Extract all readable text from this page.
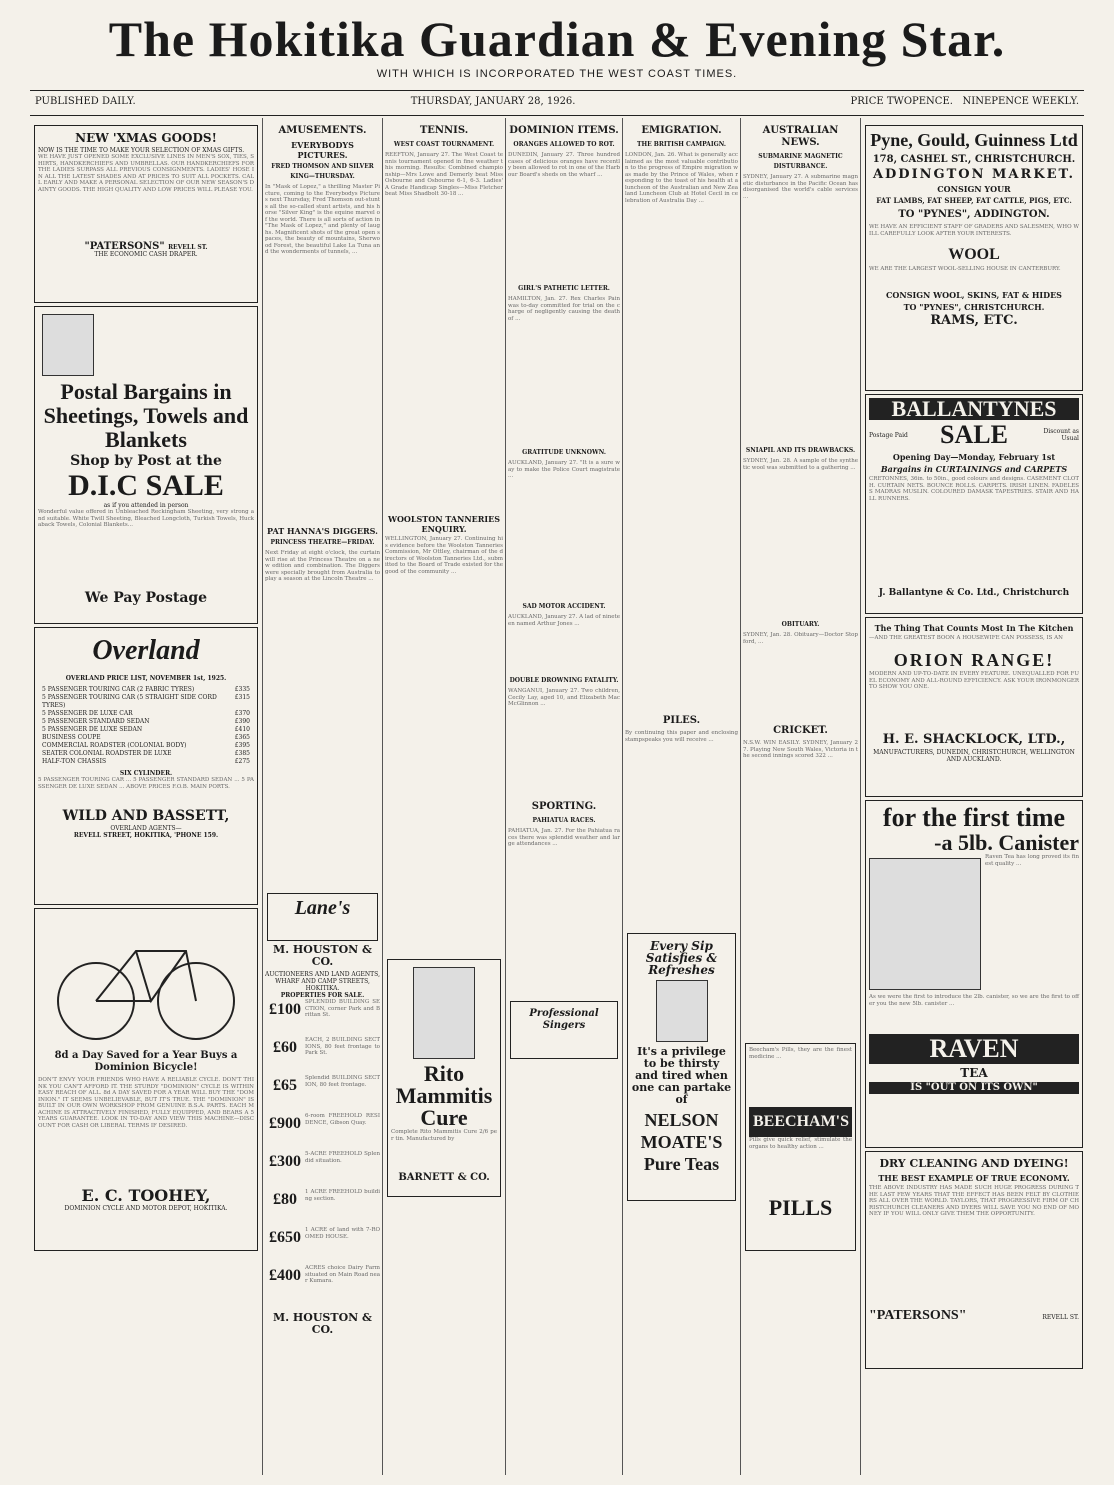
The Hokitika Guardian & Evening Star.
WITH WHICH IS INCORPORATED THE WEST COAST TIMES.
PUBLISHED DAILY.	THURSDAY, JANUARY 28, 1926.	PRICE TWOPENCE. NINEPENCE WEEKLY.
NEW 'XMAS GOODS!
NOW IS THE TIME TO MAKE YOUR SELECTION OF XMAS GIFTS.
WE HAVE JUST OPENED SOME EXCLUSIVE LINES IN MEN'S SOX, TIES, SHIRTS, HANDKERCHIEFS AND UMBRELLAS. OUR HANDKERCHIEFS FOR THE LADIES SURPASS ALL PREVIOUS CONSIGNMENTS. LADIES' HOSE IN ALL THE LATEST SHADES AND AT PRICES TO SUIT ALL POCKETS. CALL EARLY AND MAKE A PERSONAL SELECTION OF OUR NEW SEASON'S DAINTY GOODS. THE HIGH QUALITY AND LOW PRICES WILL PLEASE YOU.
"PATERSONS" REVELL ST.
THE ECONOMIC CASH DRAPER.
Postal Bargains in Sheetings, Towels and Blankets
Shop by Post at the
D.I.C SALE
as if you attended in person
Wonderful value offered in Unbleached Reckingham Sheeting, very strong and suitable. White Twill Sheeting, Bleached Longcloth, Turkish Towels, Huckaback Towels, Colonial Blankets...
We Pay Postage
Overland
OVERLAND PRICE LIST, NOVEMBER 1st, 1925.
5 PASSENGER TOURING CAR (2 FABRIC TYRES)	£335
5 PASSENGER TOURING CAR (5 STRAIGHT SIDE CORD TYRES)
£315
5 PASSENGER DE LUXE CAR	£370
5 PASSENGER STANDARD SEDAN	£390
5 PASSENGER DE LUXE SEDAN	£410
BUSINESS COUPE	£365
COMMERCIAL ROADSTER (COLONIAL BODY)	£395
SEATER COLONIAL ROADSTER DE LUXE	£385
HALF-TON CHASSIS	£275
SIX CYLINDER.
5 PASSENGER TOURING CAR ... 5 PASSENGER STANDARD SEDAN ... 5 PASSENGER DE LUXE SEDAN ... ABOVE PRICES F.O.B. MAIN PORTS.
WILD AND BASSETT,
OVERLAND AGENTS—
REVELL STREET, HOKITIKA, 'PHONE 159.
8d a Day Saved for a Year Buys a Dominion Bicycle!
DON'T ENVY YOUR FRIENDS WHO HAVE A RELIABLE CYCLE. DON'T THINK YOU CAN'T AFFORD IT. THE STURDY "DOMINION" CYCLE IS WITHIN EASY REACH OF ALL. 8d A DAY SAVED FOR A YEAR WILL BUY THE "DOMINION." IT SEEMS UNBELIEVABLE, BUT IT'S TRUE. THE "DOMINION" IS BUILT IN OUR OWN WORKSHOP FROM GENUINE B.S.A. PARTS. EACH MACHINE IS ATTRACTIVELY FINISHED, FULLY EQUIPPED, AND BEARS A 5 YEARS GUARANTEE. LOOK IN TO-DAY AND VIEW THIS MACHINE—DISCOUNT FOR CASH OR LIBERAL TERMS IF DESIRED.
E. C. TOOHEY,
DOMINION CYCLE AND MOTOR DEPOT, HOKITIKA.
AMUSEMENTS.
EVERYBODYS PICTURES.
FRED THOMSON AND SILVER KING—THURSDAY.
In "Mask of Lopez," a thrilling Master Picture, coming to the Everybodys Pictures next Thursday, Fred Thomson out-stunts all the so-called stunt artists, and his horse "Silver King" is the equine marvel of the world. There is all sorts of action in "The Mask of Lopez," and plenty of laughs. Magnificent shots of the great open spaces, the beauty of mountains, Sherwood Forest, the beautiful Lake La Tuna and the wonderments of tunnels, ...
PAT HANNA'S DIGGERS.
PRINCESS THEATRE—FRIDAY.
Next Friday at eight o'clock, the curtain will rise at the Princess Theatre on a new edition and combination. The Diggers were specially brought from Australia to play a season at the Lincoln Theatre ...
Lane's
M. HOUSTON & CO.
AUCTIONEERS AND LAND AGENTS, WHARF AND CAMP STREETS, HOKITIKA.
PROPERTIES FOR SALE.
£100 SPLENDID BUILDING SECTION, corner Park and Brittan St.
£60	EACH, 2 BUILDING SECTIONS, 80 feet frontage to Park St.
£65	Splendid BUILDING SECTION, 80 feet frontage.
£900 6-room FREEHOLD RESIDENCE, Gibson Quay.
£300 5-ACRE FREEHOLD Splendid situation.
£80	1 ACRE FREEHOLD building section.
£650 1 ACRE of land with 7-ROOMED HOUSE.
£400 ACRES choice Dairy Farm situated on Main Road near Kumara.
M. HOUSTON & CO.
TENNIS.
WEST COAST TOURNAMENT.
REEFTON, January 27. The West Coast tennis tournament opened in fine weather this morning. Results: Combined championship—Mrs Lowe and Demerly beat Miss Osbourne and Osbourne 6-1, 6-3. Ladies' A Grade Handicap Singles—Miss Fletcher beat Miss Shadbolt 30-18 ...
WOOLSTON TANNERIES ENQUIRY.
WELLINGTON, January 27. Continuing his evidence before the Woolston Tanneries Commission, Mr Ottley, chairman of the directors of Woolston Tanneries Ltd., submitted to the Board of Trade existed for the good of the community ...
Rito Mammitis Cure
Complete Rito Mammitis Cure 2/6 per tin. Manufactured by
BARNETT & CO.
DOMINION ITEMS.
ORANGES ALLOWED TO ROT.
DUNEDIN, January 27. Three hundred cases of delicious oranges have recently been allowed to rot in one of the Harbour Board's sheds on the wharf ...
GIRL'S PATHETIC LETTER.
HAMILTON, Jan. 27. Rex Charles Pain was to-day committed for trial on the charge of negligently causing the death of ...
GRATITUDE UNKNOWN.
AUCKLAND, January 27. "It is a sure way to make the Police Court magistrate ...
SAD MOTOR ACCIDENT.
AUCKLAND, January 27. A lad of nineteen named Arthur Jones ...
DOUBLE DROWNING FATALITY.
WANGANUI, January 27. Two children, Cecily Lay, aged 10, and Elizabeth Mac McGlinnon ...
SPORTING.
PAHIATUA RACES.
PAHIATUA, Jan. 27. For the Pahiatua races there was splendid weather and large attendances ...
Professional Singers
EMIGRATION.
THE BRITISH CAMPAIGN.
LONDON, Jan. 26. What is generally acclaimed as the most valuable contribution to the progress of Empire migration was made by the Prince of Wales, when responding to the toast of his health at a luncheon of the Australian and New Zealand Luncheon Club at Hotel Cecil in celebration of Australia Day ...
PILES.
By continuing this paper and enclosing stampspeaks you will receive ...
Every Sip Satisfies & Refreshes
It's a privilege to be thirsty and tired when one can partake of
NELSON MOATE'S Pure Teas
AUSTRALIAN NEWS.
SUBMARINE MAGNETIC DISTURBANCE.
SYDNEY, January 27. A submarine magnetic disturbance in the Pacific Ocean has disorganised the world's cable services ...
SNIAPIL AND ITS DRAWBACKS.
SYDNEY, Jan. 28. A sample of the synthetic wool was submitted to a gathering ...
OBITUARY.
SYDNEY, Jan. 28. Obituary—Doctor Stopford, ...
CRICKET.
N.S.W. WIN EASILY. SYDNEY, January 27. Playing New South Wales, Victoria in the second innings scored 322 ...
Beecham's Pills, they are the finest medicine ...
BEECHAM'S
Pills give quick relief, stimulate the organs to healthy action ...
PILLS
Pyne, Gould, Guinness Ltd
178, CASHEL ST., CHRISTCHURCH.
ADDINGTON MARKET.
CONSIGN YOUR
FAT LAMBS, FAT SHEEP, FAT CATTLE, PIGS, ETC.
TO "PYNES", ADDINGTON.
WE HAVE AN EFFICIENT STAFF OF GRADERS AND SALESMEN, WHO WILL CAREFULLY LOOK AFTER YOUR INTERESTS.
WOOL
WE ARE THE LARGEST WOOL-SELLING HOUSE IN CANTERBURY.
CONSIGN WOOL, SKINS, FAT & HIDES
TO "PYNES", CHRISTCHURCH.
RAMS, ETC.
BALLANTYNES
Postage Paid	SALE	Discount as Usual
Opening Day—Monday, February 1st
Bargains in CURTAININGS and CARPETS
CRETONNES, 36in. to 50in., good colours and designs. CASEMENT CLOTH. CURTAIN NETS. BOUNCE ROLLS. CARPETS. IRISH LINEN. FADELESS MADRAS MUSLIN. COLOURED DAMASK TAPESTRIES. STAIR AND HALL RUNNERS.
J. Ballantyne & Co. Ltd., Christchurch
The Thing That Counts Most In The Kitchen
—AND THE GREATEST BOON A HOUSEWIFE CAN POSSESS, IS AN
ORION RANGE!
MODERN AND UP-TO-DATE IN EVERY FEATURE. UNEQUALLED FOR FUEL ECONOMY AND ALL-ROUND EFFICIENCY. ASK YOUR IRONMONGER TO SHOW YOU ONE.
H. E. SHACKLOCK, LTD.,
MANUFACTURERS, DUNEDIN, CHRISTCHURCH, WELLINGTON AND AUCKLAND.
for the first time
-a 5lb. Canister
Raven Tea has long proved its finest quality ...
As we were the first to introduce the 2lb. canister, so we are the first to offer you the new 5lb. canister ...
RAVEN
TEA
IS "OUT ON ITS OWN"
DRY CLEANING AND DYEING!
THE BEST EXAMPLE OF TRUE ECONOMY.
THE ABOVE INDUSTRY HAS MADE SUCH HUGE PROGRESS DURING THE LAST FEW YEARS THAT THE EFFECT HAS BEEN FELT BY CLOTHIERS ALL OVER THE WORLD. TAYLORS, THAT PROGRESSIVE FIRM OF CHRISTCHURCH CLEANERS AND DYERS WILL SAVE YOU NO END OF MONEY IF YOU WILL ONLY GIVE THEM THE OPPORTUNITY.
"PATERSONS"	REVELL ST.
